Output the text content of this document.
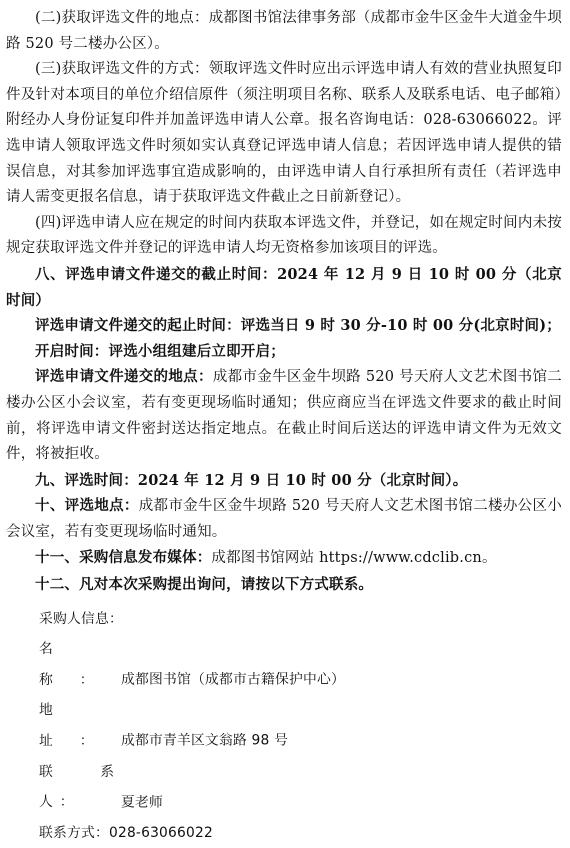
(二)获取评选文件的地点：成都图书馆法律事务部（成都市金牛区金牛大道金牛坝路 520 号二楼办公区）。

(三)获取评选文件的方式：领取评选文件时应出示评选申请人有效的营业执照复印件及针对本项目的单位介绍信原件（须注明项目名称、联系人及联系电话、电子邮箱）附经办人身份证复印件并加盖评选申请人公章。报名咨询电话：028-63066022。评选申请人领取评选文件时须如实认真登记评选申请人信息；若因评选申请人提供的错误信息，对其参加评选事宜造成影响的，由评选申请人自行承担所有责任（若评选申请人需变更报名信息，请于获取评选文件截止之日前新登记）。

(四)评选申请人应在规定的时间内获取本评选文件，并登记，如在规定时间内未按规定获取评选文件并登记的评选申请人均无资格参加该项目的评选。

八、评选申请文件递交的截止时间：2024 年 12 月 9 日 10 时 00 分（北京时间）

评选申请文件递交的起止时间：评选当日 9 时 30 分-10 时 00 分(北京时间)；

开启时间：评选小组组建后立即开启；

评选申请文件递交的地点：成都市金牛区金牛坝路 520 号天府人文艺术图书馆二楼办公区小会议室，若有变更现场临时通知；供应商应当在评选文件要求的截止时间前，将评选申请文件密封送达指定地点。在截止时间后送达的评选申请文件为无效文件，将被拒收。

九、评选时间：2024 年 12 月 9 日 10 时 00 分（北京时间）。

十、评选地点：成都市金牛区金牛坝路 520 号天府人文艺术图书馆二楼办公区小会议室，若有变更现场临时通知。

十一、采购信息发布媒体：成都图书馆网站 https://www.cdclib.cn。

十二、凡对本次采购提出询问，请按以下方式联系。

采购人信息：

名称：成都图书馆（成都市古籍保护中心）

地址：成都市青羊区文翁路 98 号

联系人：	夏老师

联系方式：028-63066022
